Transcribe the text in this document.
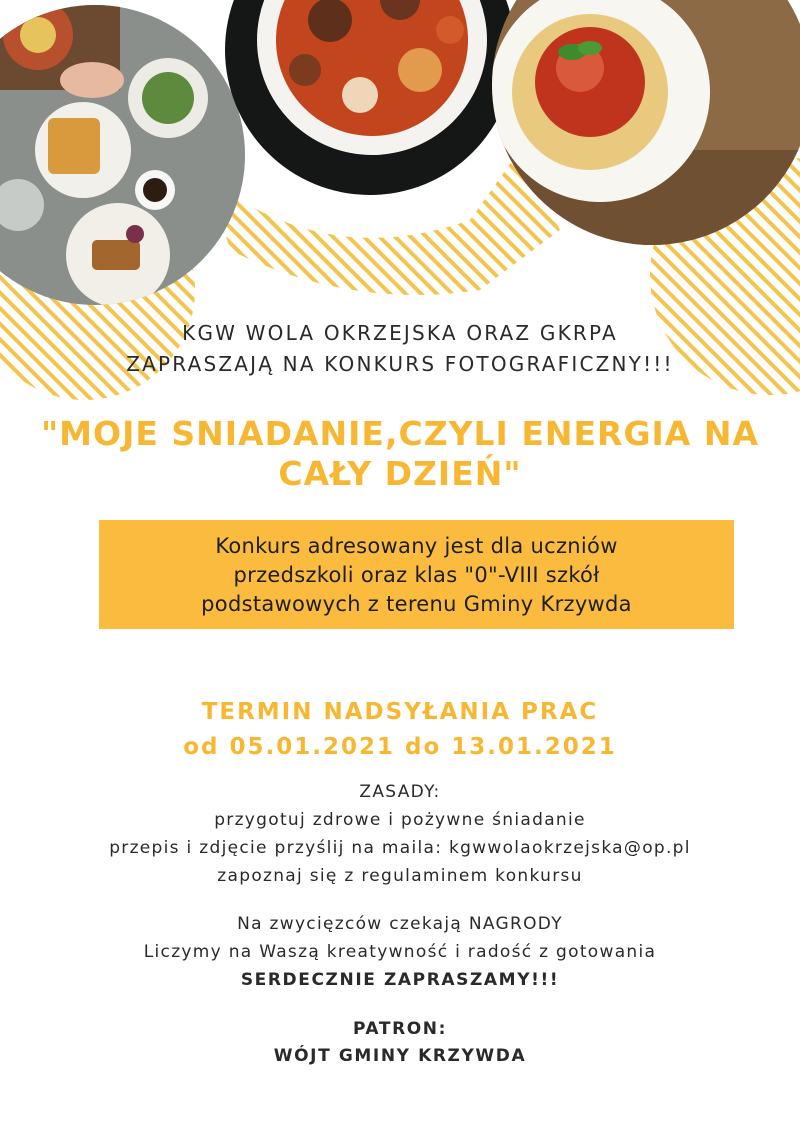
KGW WOLA OKRZEJSKA ORAZ GKRPA
ZAPRASZAJĄ NA KONKURS FOTOGRAFICZNY!!!
"MOJE SNIADANIE,CZYLI ENERGIA NA
CAŁY DZIEŃ"
Konkurs adresowany jest dla uczniów
przedszkoli oraz klas "0"-VIII szkół
podstawowych z terenu Gminy Krzywda
TERMIN NADSYŁANIA PRAC
od 05.01.2021 do 13.01.2021
ZASADY:
przygotuj zdrowe i pożywne śniadanie
przepis i zdjęcie przyślij na maila: kgwwolaokrzejska@op.pl
zapoznaj się z regulaminem konkursu
Na zwycięzców czekają NAGRODY
Liczymy na Waszą kreatywność i radość z gotowania
SERDECZNIE ZAPRASZAMY!!!
PATRON:
WÓJT GMINY KRZYWDA
